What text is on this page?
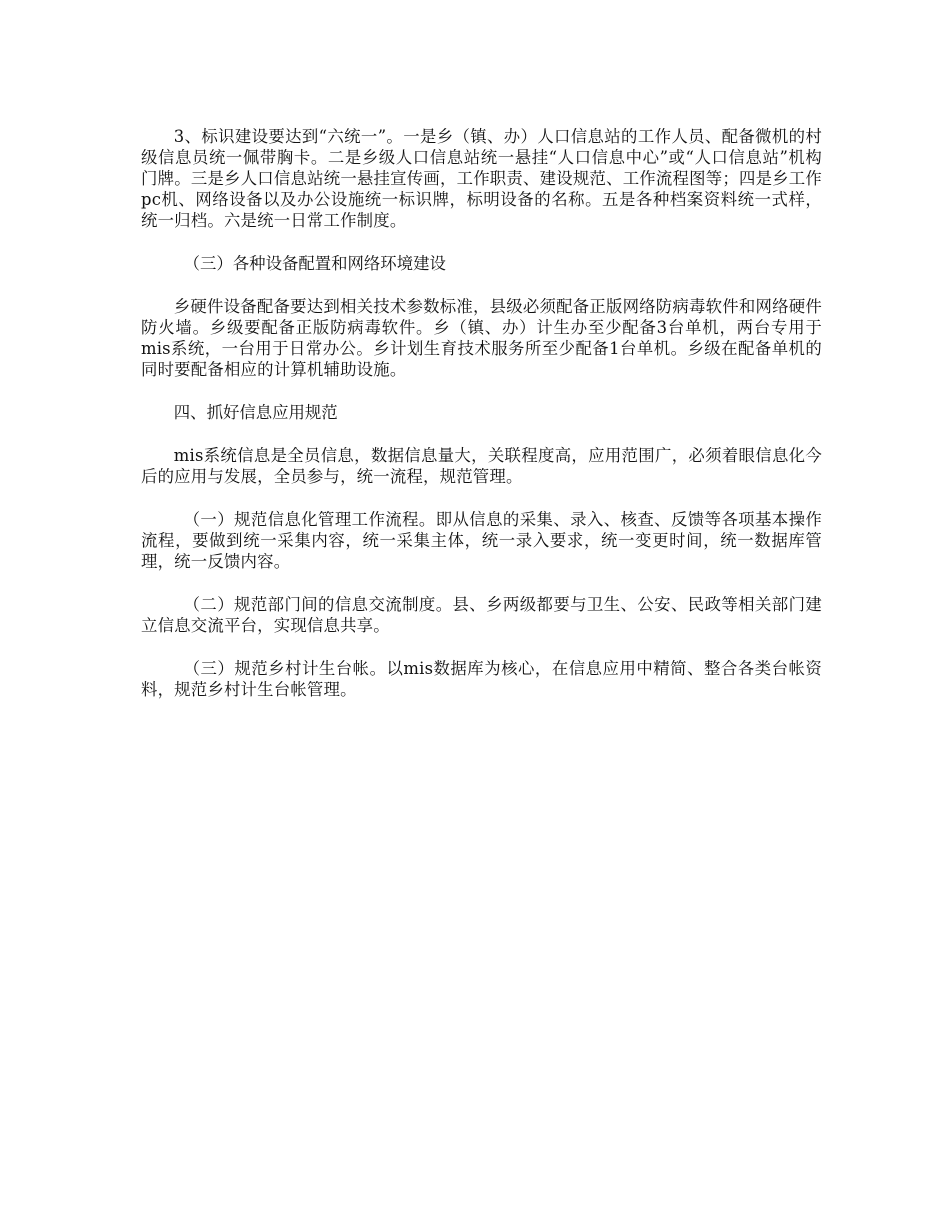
3、标识建设要达到“六统一”。一是乡（镇、办）人口信息站的工作人员、配备微机的村级信息员统一佩带胸卡。二是乡级人口信息站统一悬挂“人口信息中心”或“人口信息站”机构门牌。三是乡人口信息站统一悬挂宣传画，工作职责、建设规范、工作流程图等；四是乡工作pc机、网络设备以及办公设施统一标识牌，标明设备的名称。五是各种档案资料统一式样，统一归档。六是统一日常工作制度。

（三）各种设备配置和网络环境建设

乡硬件设备配备要达到相关技术参数标准，县级必须配备正版网络防病毒软件和网络硬件防火墙。乡级要配备正版防病毒软件。乡（镇、办）计生办至少配备3台单机，两台专用于mis系统，一台用于日常办公。乡计划生育技术服务所至少配备1台单机。乡级在配备单机的同时要配备相应的计算机辅助设施。

四、抓好信息应用规范

mis系统信息是全员信息，数据信息量大，关联程度高，应用范围广，必须着眼信息化今后的应用与发展，全员参与，统一流程，规范管理。

（一）规范信息化管理工作流程。即从信息的采集、录入、核查、反馈等各项基本操作流程，要做到统一采集内容，统一采集主体，统一录入要求，统一变更时间，统一数据库管理，统一反馈内容。

（二）规范部门间的信息交流制度。县、乡两级都要与卫生、公安、民政等相关部门建立信息交流平台，实现信息共享。

（三）规范乡村计生台帐。以mis数据库为核心，在信息应用中精简、整合各类台帐资料，规范乡村计生台帐管理。
